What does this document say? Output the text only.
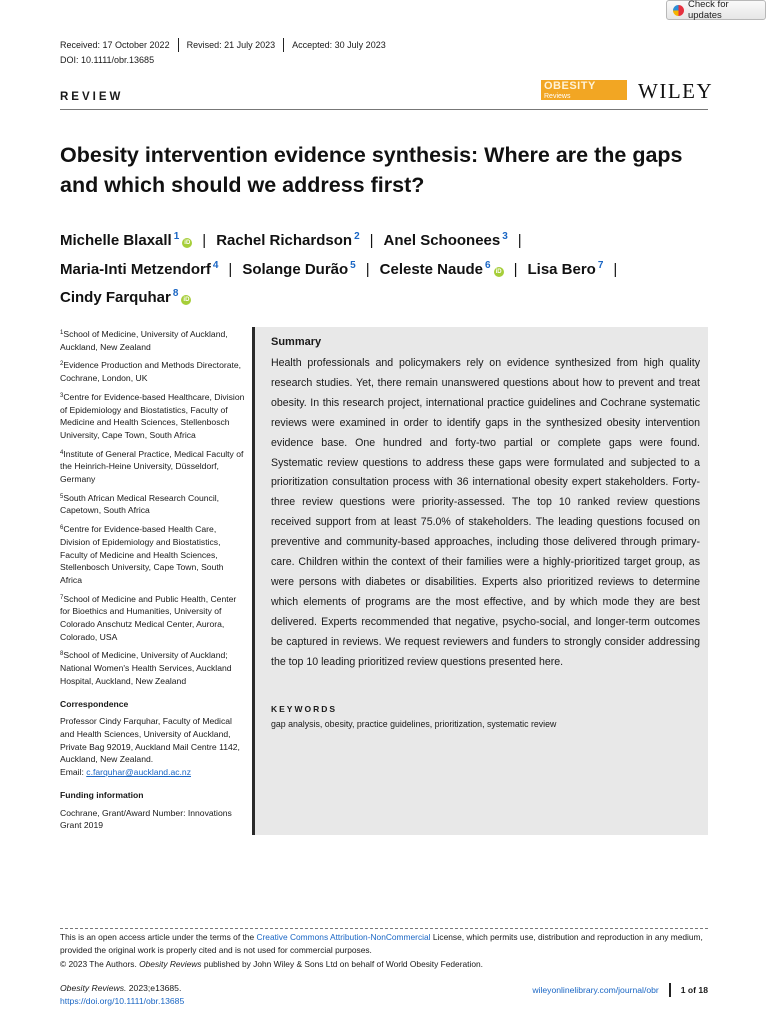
Check for updates
Received: 17 October 2022 Revised: 21 July 2023 Accepted: 30 July 2023
DOI: 10.1111/obr.13685
REVIEW
OBESITY
Reviews	WILEY
Obesity intervention evidence synthesis: Where are the gaps and which should we address first?
Michelle Blaxall $^1$iD | Rachel Richardson $^2$ | Anel Schoonees $^3$ |
Maria-Inti Metzendorf $^4$ | Solange Durão $^5$ | Celeste Naude $^6$iD | Lisa Bero $^7$ |
Cindy Farquhar $^8$iD

$^1$School of Medicine, University of Auckland, Auckland, New Zealand

$^2$Evidence Production and Methods Directorate, Cochrane, London, UK

$^3$Centre for Evidence-based Healthcare, Division of Epidemiology and Biostatistics, Faculty of Medicine and Health Sciences, Stellenbosch University, Cape Town, South Africa

$^4$Institute of General Practice, Medical Faculty of the Heinrich-Heine University, Düsseldorf, Germany

$^5$South African Medical Research Council, Capetown, South Africa

$^6$Centre for Evidence-based Health Care, Division of Epidemiology and Biostatistics, Faculty of Medicine and Health Sciences, Stellenbosch University, Cape Town, South Africa

$^7$School of Medicine and Public Health, Center for Bioethics and Humanities, University of Colorado Anschutz Medical Center, Aurora, Colorado, USA

$^8$School of Medicine, University of Auckland; National Women's Health Services, Auckland Hospital, Auckland, New Zealand

Correspondence

Professor Cindy Farquhar, Faculty of Medical and Health Sciences, University of Auckland, Private Bag 92019, Auckland Mail Centre 1142, Auckland, New Zealand.
Email: c.farquhar@auckland.ac.nz

Funding information

Cochrane, Grant/Award Number: Innovations Grant 2019

Summary
Health professionals and policymakers rely on evidence synthesized from high quality research studies. Yet, there remain unanswered questions about how to prevent and treat obesity. In this research project, international practice guidelines and Cochrane systematic reviews were examined in order to identify gaps in the synthesized obesity intervention evidence base. One hundred and forty-two partial or complete gaps were found. Systematic review questions to address these gaps were formulated and subjected to a prioritization consultation process with 36 international obesity expert stakeholders. Forty-three review questions were priority-assessed. The top 10 ranked review questions received support from at least 75.0% of stakeholders. The leading questions focused on preventive and community-based approaches, including those delivered through primary-care. Children within the context of their families were a highly-prioritized target group, as were persons with diabetes or disabilities. Experts also prioritized reviews to determine which elements of programs are the most effective, and by which mode they are best delivered. Experts recommended that negative, psycho-social, and longer-term outcomes be captured in reviews. We request reviewers and funders to strongly consider addressing the top 10 leading prioritized review questions presented here.
KEYWORDS
gap analysis, obesity, practice guidelines, prioritization, systematic review
This is an open access article under the terms of the Creative Commons Attribution-NonCommercial License, which permits use, distribution and reproduction in any medium, provided the original work is properly cited and is not used for commercial purposes.
© 2023 The Authors. Obesity Reviews published by John Wiley & Sons Ltd on behalf of World Obesity Federation.
Obesity Reviews. 2023;e13685.
https://doi.org/10.1111/obr.13685
wileyonlinelibrary.com/journal/obr	1 of 18
